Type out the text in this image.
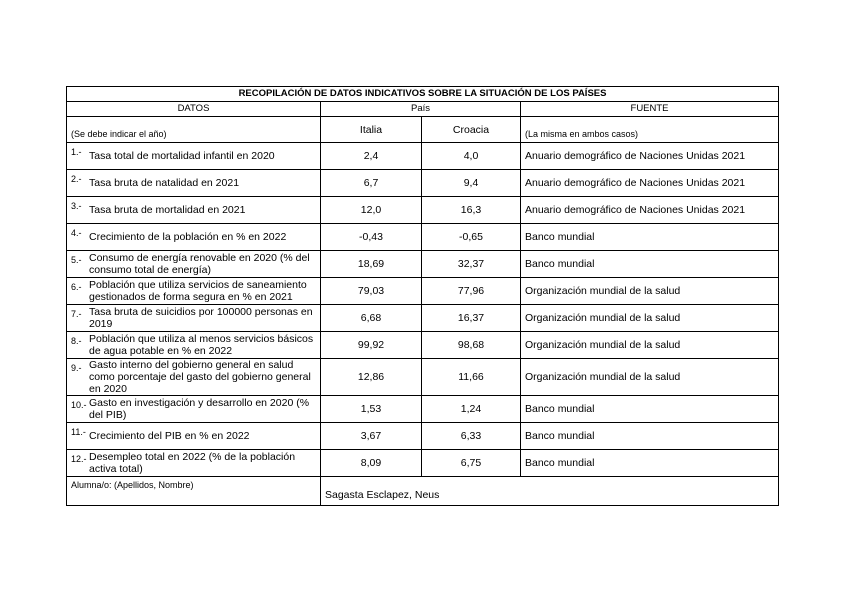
RECOPILACIÓN DE DATOS INDICATIVOS SOBRE LA SITUACIÓN DE LOS PAÍSES			
DATOS	País		FUENTE
(Se debe indicar el año)	Italia	Croacia	(La misma en ambos casos)

1.- Tasa total de mortalidad infantil en 2020	2,4	4,0	Anuario demográfico de Naciones Unidas 2021

2.- Tasa bruta de natalidad en 2021	6,7	9,4	Anuario demográfico de Naciones Unidas 2021

3.- Tasa bruta de mortalidad en 2021	12,0	16,3	Anuario demográfico de Naciones Unidas 2021

4.- Crecimiento de la población en % en 2022	-0,43	-0,65	Banco mundial

5.- Consumo de energía renovable en 2020 (% del consumo total de energía)	18,69	32,37	Banco mundial

6.- Población que utiliza servicios de saneamiento gestionados de forma segura en % en 2021	79,03	77,96	Organización mundial de la salud

7.- Tasa bruta de suicidios por 100000 personas en 2019	6,68	16,37	Organización mundial de la salud

8.- Población que utiliza al menos servicios básicos de agua potable en % en 2022	99,92	98,68	Organización mundial de la salud

9.- Gasto interno del gobierno general en salud como porcentaje del gasto del gobierno general en 2020	12,86	11,66	Organización mundial de la salud

10.- Gasto en investigación y desarrollo en 2020 (% del PIB)	1,53	1,24	Banco mundial

11.- Crecimiento del PIB en % en 2022	3,67	6,33	Banco mundial

12.- Desempleo total en 2022 (% de la población activa total)	8,09	6,75	Banco mundial
Alumna/o: (Apellidos, Nombre)	Sagasta Esclapez, Neus		
